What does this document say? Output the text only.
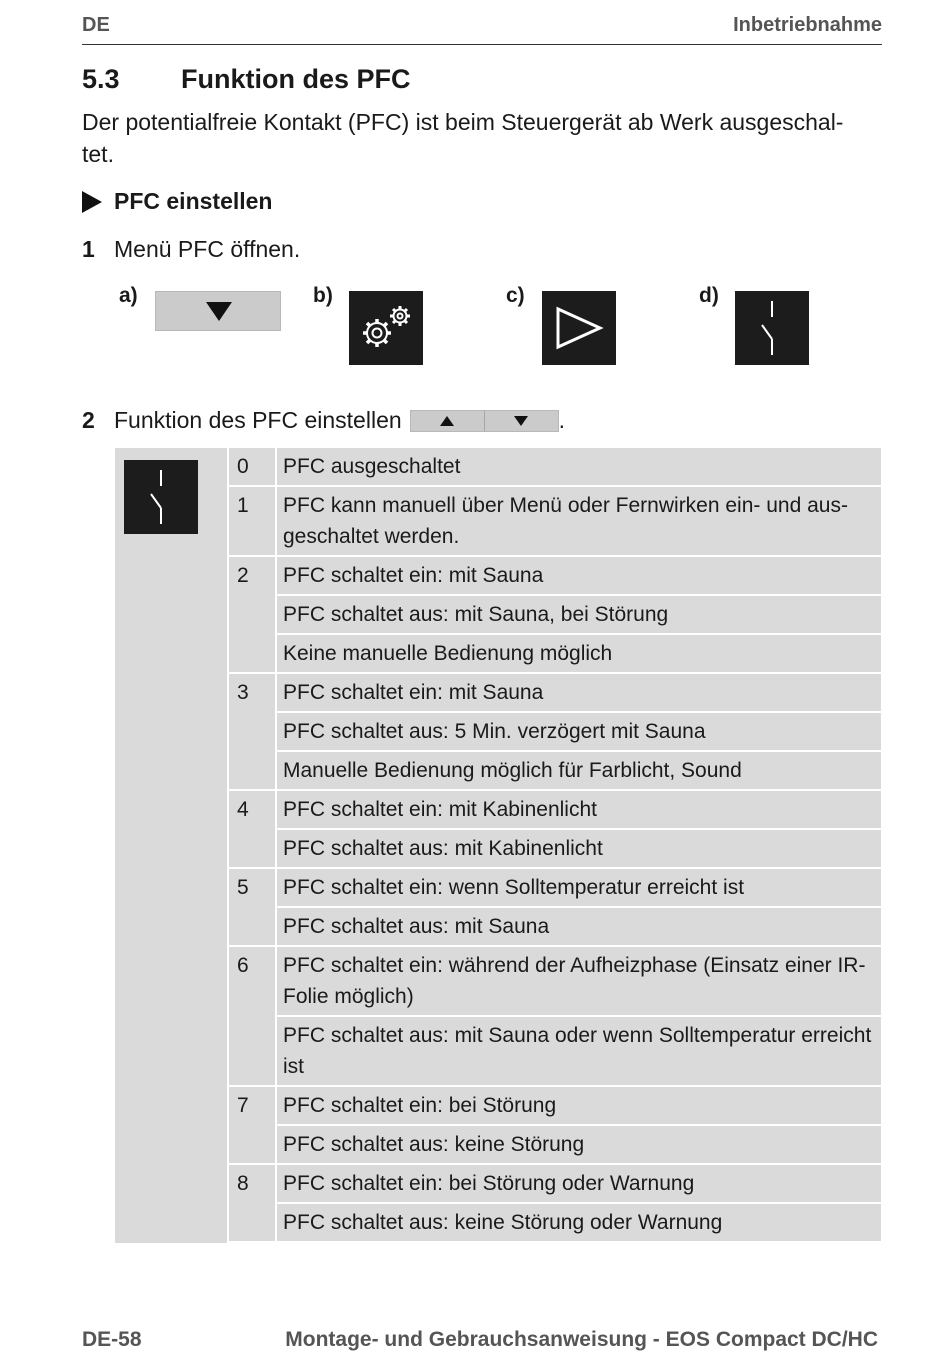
DE	Inbetriebnahme
5.3 Funktion des PFC
Der potentialfreie Kontakt (PFC) ist beim Steuergerät ab Werk ausgeschal-
tet.
PFC einstellen
1 Menü PFC öffnen.
a)	b)	c)	d)
2 Funktion des PFC einstellen	.
	0	PFC ausgeschaltet
	1	PFC kann manuell über Menü oder Fernwirken ein- und aus-geschaltet werden.
	2	PFC schaltet ein: mit Sauna
		PFC schaltet aus: mit Sauna, bei Störung
		Keine manuelle Bedienung möglich
	3	PFC schaltet ein: mit Sauna
		PFC schaltet aus: 5 Min. verzögert mit Sauna
		Manuelle Bedienung möglich für Farblicht, Sound
	4	PFC schaltet ein: mit Kabinenlicht
		PFC schaltet aus: mit Kabinenlicht
	5	PFC schaltet ein: wenn Solltemperatur erreicht ist
		PFC schaltet aus: mit Sauna
	6	PFC schaltet ein: während der Aufheizphase (Einsatz einer IR-Folie möglich)
		PFC schaltet aus: mit Sauna oder wenn Solltemperatur erreicht ist
	7	PFC schaltet ein: bei Störung
		PFC schaltet aus: keine Störung
	8	PFC schaltet ein: bei Störung oder Warnung
		PFC schaltet aus: keine Störung oder Warnung
DE-58	Montage- und Gebrauchsanweisung - EOS Compact DC/HC
